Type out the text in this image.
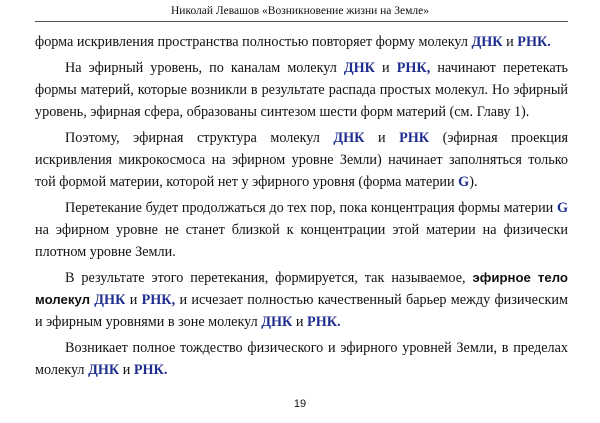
Николай Левашов «Возникновение жизни на Земле»

форма искривления пространства полностью повторяет форму молекул ДНК и РНК.

На эфирный уровень, по каналам молекул ДНК и РНК, начинают перетекать формы материй, которые возникли в результате распада простых молекул. Но эфирный уровень, эфирная сфера, образованы синтезом шести форм материй (см. Главу 1).

Поэтому, эфирная структура молекул ДНК и РНК (эфирная проекция искривления микрокосмоса на эфирном уровне Земли) начинает заполняться только той формой материи, которой нет у эфирного уровня (форма материи G).

Перетекание будет продолжаться до тех пор, пока концентрация формы материи G на эфирном уровне не станет близкой к концентрации этой материи на физически плотном уровне Земли.

В результате этого перетекания, формируется, так называемое, эфирное тело молекул ДНК и РНК, и исчезает полностью качественный барьер между физическим и эфирным уровнями в зоне молекул ДНК и РНК.

Возникает полное тождество физического и эфирного уровней Земли, в пределах молекул ДНК и РНК.

19
